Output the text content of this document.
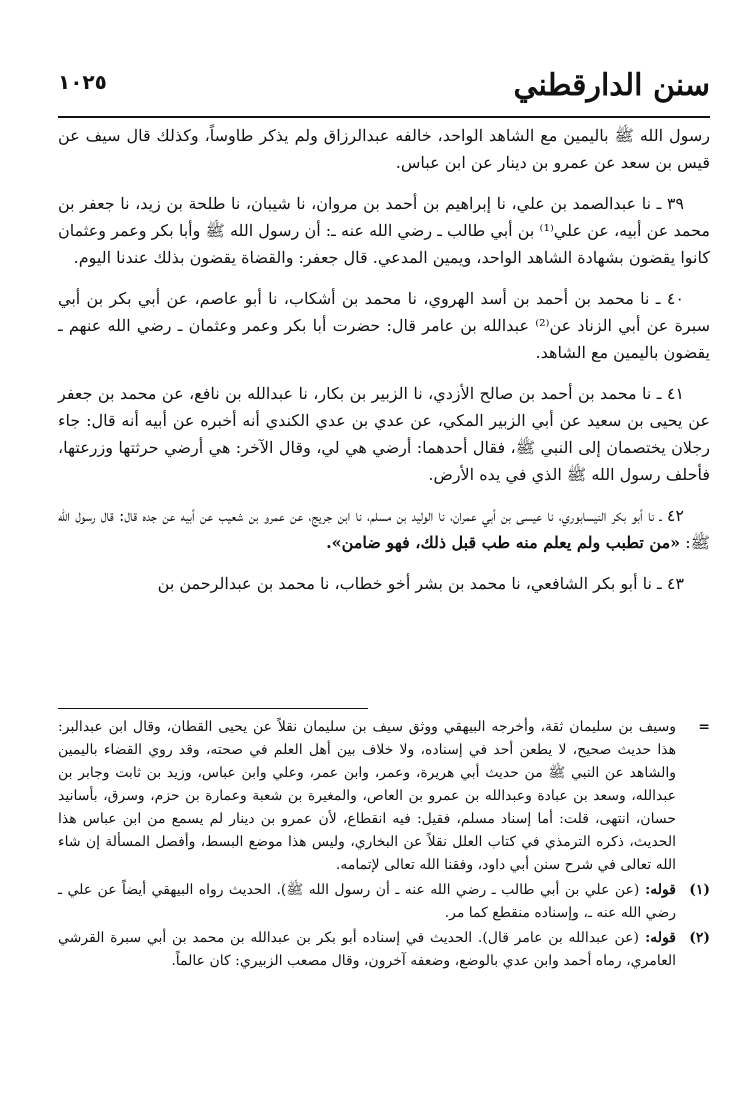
سنن الدارقطني
١٠٢٥

رسول الله ﷺ باليمين مع الشاهد الواحد، خالفه عبدالرزاق ولم يذكر طاوساً، وكذلك قال سيف عن قيس بن سعد عن عمرو بن دينار عن ابن عباس.

٣٩ ـ نا عبدالصمد بن علي، نا إبراهيم بن أحمد بن مروان، نا شيبان، نا طلحة بن زيد، نا جعفر بن محمد عن أبيه، عن علي⁽¹⁾ بن أبي طالب ـ رضي الله عنه ـ: أن رسول الله ﷺ وأبا بكر وعمر وعثمان كانوا يقضون بشهادة الشاهد الواحد، ويمين المدعي. قال جعفر: والقضاة يقضون بذلك عندنا اليوم.

٤٠ ـ نا محمد بن أحمد بن أسد الهروي، نا محمد بن أشكاب، نا أبو عاصم، عن أبي بكر بن أبي سبرة عن أبي الزناد عن⁽²⁾ عبدالله بن عامر قال: حضرت أبا بكر وعمر وعثمان ـ رضي الله عنهم ـ يقضون باليمين مع الشاهد.

٤١ ـ نا محمد بن أحمد بن صالح الأزدي، نا الزبير بن بكار، نا عبدالله بن نافع، عن محمد بن جعفر عن يحيى بن سعيد عن أبي الزبير المكي، عن عدي بن عدي الكندي أنه أخبره عن أبيه أنه قال: جاء رجلان يختصمان إلى النبي ﷺ، فقال أحدهما: أرضي هي لي، وقال الآخر: هي أرضي حرثتها وزرعتها، فأحلف رسول الله ﷺ الذي في يده الأرض.

٤٢ ـ نا أبو بكر النيسابوري، نا عيسى بن أبي عمران، نا الوليد بن مسلم، نا ابن جريج، عن عمرو بن شعيب عن أبيه عن جده قال: قال رسول الله ﷺ: «من تطبب ولم يعلم منه طب قبل ذلك، فهو ضامن».

٤٣ ـ نا أبو بكر الشافعي، نا محمد بن بشر أخو خطاب، نا محمد بن عبدالرحمن بن

=
وسيف بن سليمان ثقة، وأخرجه البيهقي ووثق سيف بن سليمان نقلاً عن يحيى القطان، وقال ابن عبدالبر: هذا حديث صحيح، لا يطعن أحد في إسناده، ولا خلاف بين أهل العلم في صحته، وقد روي القضاء باليمين والشاهد عن النبي ﷺ من حديث أبي هريرة، وعمر، وابن عمر، وعلي وابن عباس، وزيد بن ثابت وجابر بن عبدالله، وسعد بن عبادة وعبدالله بن عمرو بن العاص، والمغيرة بن شعبة وعمارة بن حزم، وسرق، بأسانيد حسان، انتهى، قلت: أما إسناد مسلم، فقيل: فيه انقطاع، لأن عمرو بن دينار لم يسمع من ابن عباس هذا الحديث، ذكره الترمذي في كتاب العلل نقلاً عن البخاري، وليس هذا موضع البسط، وأفصل المسألة إن شاء الله تعالى في شرح سنن أبي داود، وفقنا الله تعالى لإتمامه.
(١)
قوله: (عن علي بن أبي طالب ـ رضي الله عنه ـ أن رسول الله ﷺ). الحديث رواه البيهقي أيضاً عن علي ـ رضي الله عنه ـ، وإسناده منقطع كما مر.
(٢)
قوله: (عن عبدالله بن عامر قال). الحديث في إسناده أبو بكر بن عبدالله بن محمد بن أبي سبرة القرشي العامري، رماه أحمد وابن عدي بالوضع، وضعفه آخرون، وقال مصعب الزبيري: كان عالماً.
